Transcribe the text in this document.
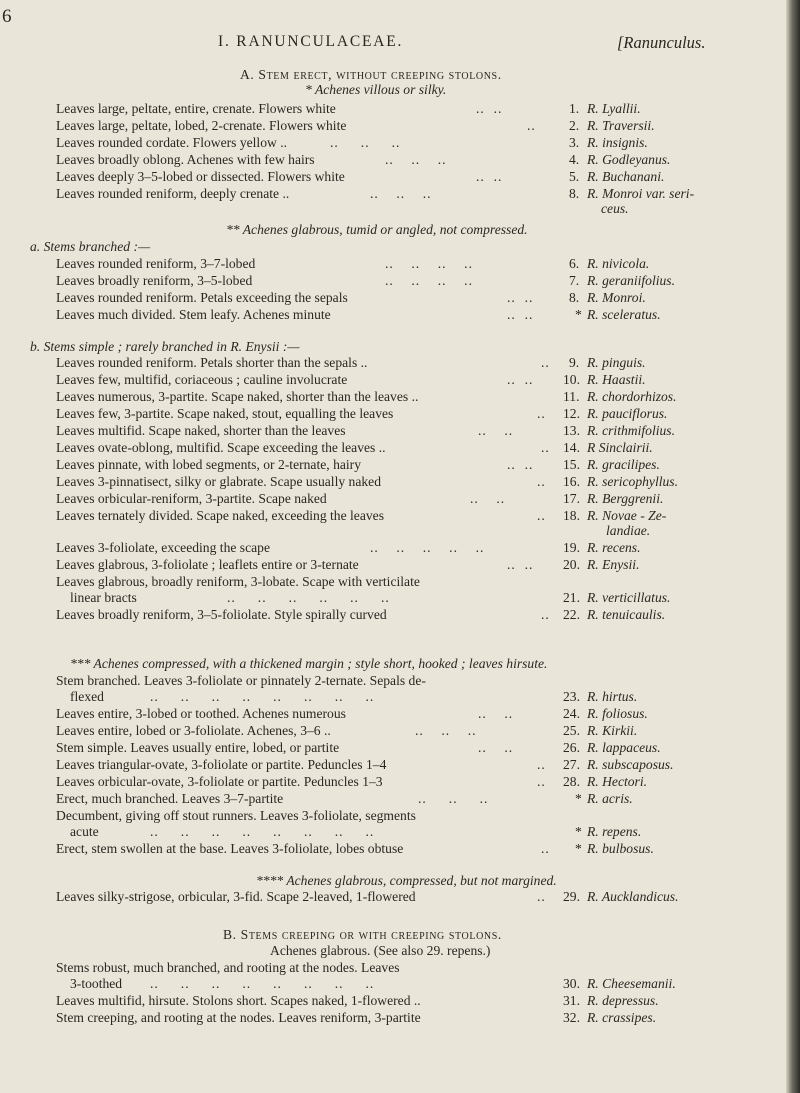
6
I. RANUNCULACEAE.	[Ranunculus.
A. Stem erect, without creeping stolons.
* Achenes villous or silky.
Leaves large, peltate, entire, crenate. Flowers white	..  ..	1. R. Lyallii.
Leaves large, peltate, lobed, 2-crenate. Flowers white	.. 2. R. Traversii.
Leaves rounded cordate. Flowers yellow ..	..     ..     ..	3. R. insignis.
Leaves broadly oblong. Achenes with few hairs	..    ..    ..	4. R. Godleyanus.
Leaves deeply 3–5-lobed or dissected. Flowers white	..  ..	5. R. Buchanani.
Leaves rounded reniform, deeply crenate ..	..    ..    ..	8. R. Monroi var. seri-
ceus.
** Achenes glabrous, tumid or angled, not compressed.
a. Stems branched :—
Leaves rounded reniform, 3–7-lobed	..    ..    ..    ..	6. R. nivicola.
Leaves broadly reniform, 3–5-lobed	..    ..    ..    ..	7. R. geraniifolius.
Leaves rounded reniform. Petals exceeding the sepals	..  ..	8. R. Monroi.
Leaves much divided. Stem leafy. Achenes minute	..  ..	* R. sceleratus.
b. Stems simple ; rarely branched in R. Enysii :—
Leaves rounded reniform. Petals shorter than the sepals ..	.. 9. R. pinguis.
Leaves few, multifid, coriaceous ; cauline involucrate	..  .. 10. R. Haastii.
Leaves numerous, 3-partite. Scape naked, shorter than the leaves ..	11. R. chordorhizos.
Leaves few, 3-partite. Scape naked, stout, equalling the leaves	.. 12. R. pauciflorus.
Leaves multifid. Scape naked, shorter than the leaves	..    ..	13. R. crithmifolius.
Leaves ovate-oblong, multifid. Scape exceeding the leaves ..	.. 14. R Sinclairii.
Leaves pinnate, with lobed segments, or 2-ternate, hairy	..  .. 15. R. gracilipes.
Leaves 3-pinnatisect, silky or glabrate. Scape usually naked	.. 16. R. sericophyllus.
Leaves orbicular-reniform, 3-partite. Scape naked	..    ..	17. R. Berggrenii.
Leaves ternately divided. Scape naked, exceeding the leaves	.. 18. R. Novae - Ze-
landiae.
Leaves 3-foliolate, exceeding the scape	..    ..    ..    ..    ..	19. R. recens.
Leaves glabrous, 3-foliolate ; leaflets entire or 3-ternate	..  .. 20. R. Enysii.
Leaves glabrous, broadly reniform, 3-lobate. Scape with verticilate
linear bracts	..     ..     ..     ..     ..     ..	21. R. verticillatus.
Leaves broadly reniform, 3–5-foliolate. Style spirally curved	.. 22. R. tenuicaulis.
*** Achenes compressed, with a thickened margin ; style short, hooked ; leaves hirsute.
Stem branched. Leaves 3-foliolate or pinnately 2-ternate. Sepals de-
flexed	..     ..     ..     ..     ..     ..     ..     ..	23. R. hirtus.
Leaves entire, 3-lobed or toothed. Achenes numerous	..    ..	24. R. foliosus.
Leaves entire, lobed or 3-foliolate. Achenes, 3–6 ..	..    ..    ..	25. R. Kirkii.
Stem simple. Leaves usually entire, lobed, or partite	..    ..	26. R. lappaceus.
Leaves triangular-ovate, 3-foliolate or partite. Peduncles 1–4	.. 27. R. subscaposus.
Leaves orbicular-ovate, 3-foliolate or partite. Peduncles 1–3	.. 28. R. Hectori.
Erect, much branched. Leaves 3–7-partite	..     ..     ..	* R. acris.
Decumbent, giving off stout runners. Leaves 3-foliolate, segments
acute	..     ..     ..     ..     ..     ..     ..     ..	* R. repens.
Erect, stem swollen at the base. Leaves 3-foliolate, lobes obtuse	.. * R. bulbosus.
**** Achenes glabrous, compressed, but not margined.
Leaves silky-strigose, orbicular, 3-fid. Scape 2-leaved, 1-flowered	.. 29. R. Aucklandicus.
B. Stems creeping or with creeping stolons.
Achenes glabrous. (See also 29. repens.)
Stems robust, much branched, and rooting at the nodes. Leaves
3-toothed ..     ..     ..     ..     ..     ..     ..     ..	30. R. Cheesemanii.
Leaves multifid, hirsute. Stolons short. Scapes naked, 1-flowered ..	31. R. depressus.
Stem creeping, and rooting at the nodes. Leaves reniform, 3-partite	32. R. crassipes.
